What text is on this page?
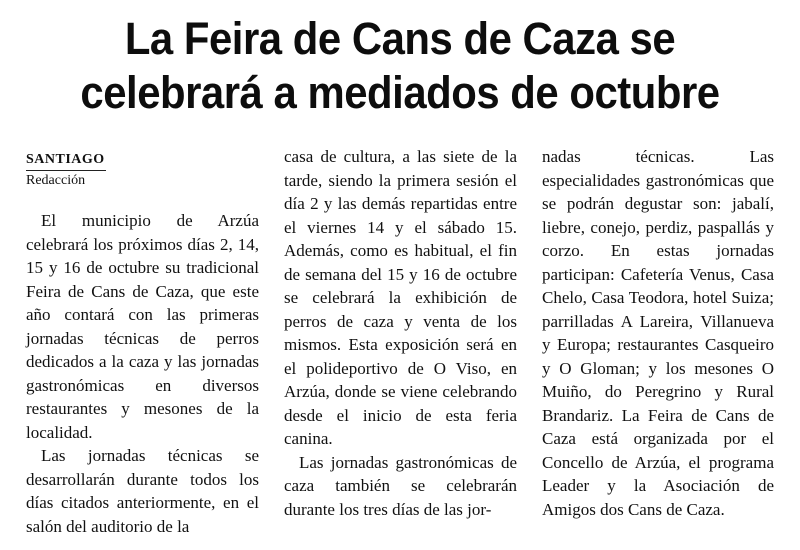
La Feira de Cans de Caza se
celebrará a mediados de octubre

SANTIAGO

Redacción

El municipio de Arzúa celebrará los próximos días 2, 14, 15 y 16 de octubre su tradicional Feira de Cans de Caza, que este año contará con las primeras jornadas técnicas de perros dedicados a la caza y las jornadas gastronómicas en diversos restaurantes y mesones de la localidad.

Las jornadas técnicas se desarrollarán durante todos los días citados anteriormente, en el salón del auditorio de la

casa de cultura, a las siete de la tarde, siendo la primera sesión el día 2 y las demás repartidas entre el viernes 14 y el sábado 15. Además, como es habitual, el fin de semana del 15 y 16 de octubre se celebrará la exhibición de perros de caza y venta de los mismos. Esta exposición será en el polideportivo de O Viso, en Arzúa, donde se viene celebrando desde el inicio de esta feria canina.

Las jornadas gastronómicas de caza también se celebrarán durante los tres días de las jor-

nadas técnicas. Las especialidades gastronómicas que se podrán degustar son: jabalí, liebre, conejo, perdiz, paspallás y corzo. En estas jornadas participan: Cafetería Venus, Casa Chelo, Casa Teodora, hotel Suiza; parrilladas A Lareira, Villanueva y Europa; restaurantes Casqueiro y O Gloman; y los mesones O Muiño, do Peregrino y Rural Brandariz. La Feira de Cans de Caza está organizada por el Concello de Arzúa, el programa Leader y la Asociación de Amigos dos Cans de Caza.
